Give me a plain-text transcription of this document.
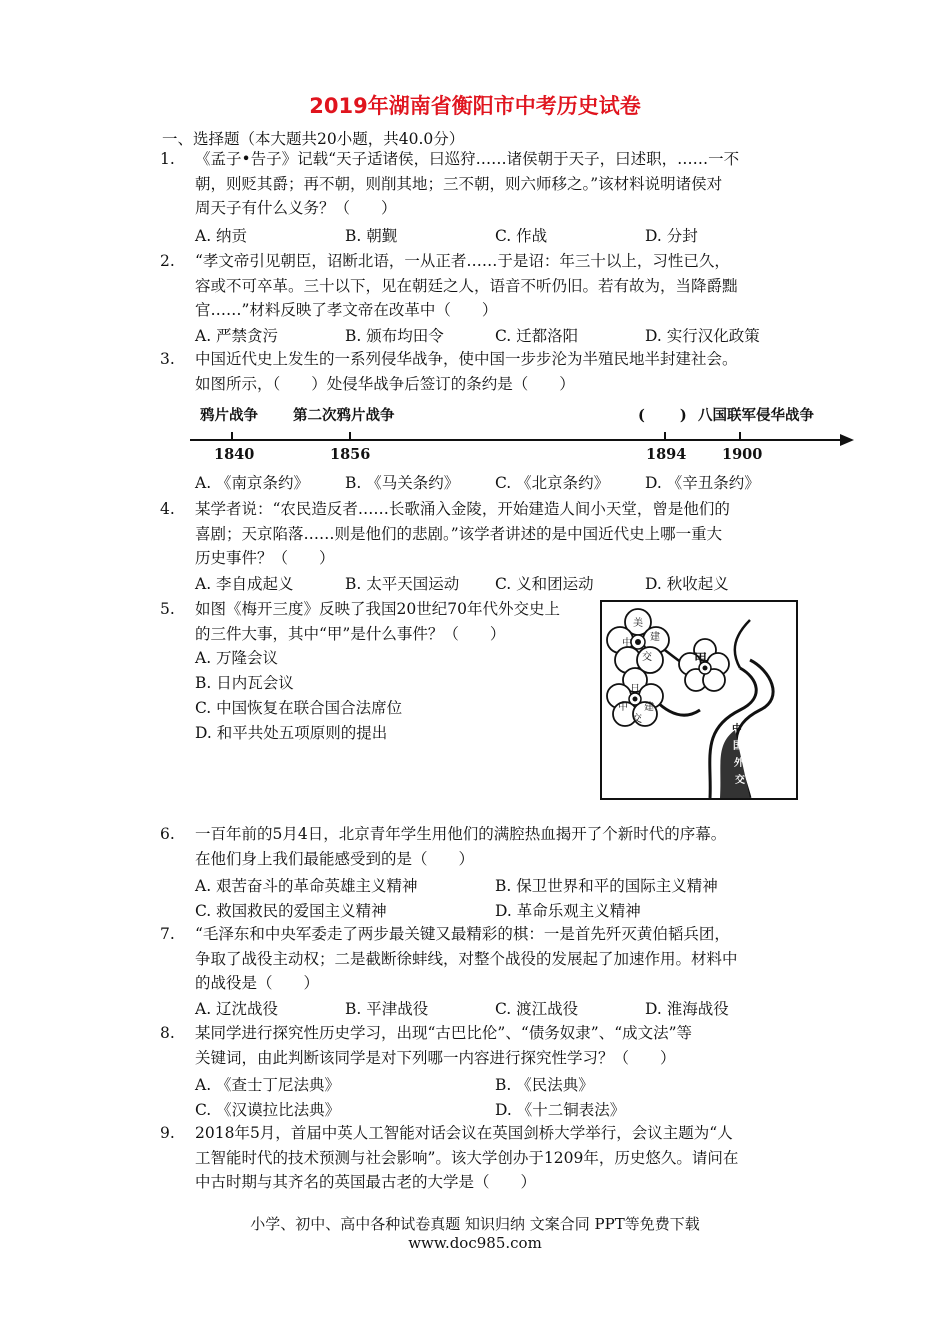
2019年湖南省衡阳市中考历史试卷
一、选择题（本大题共20小题，共40.0分）
1. 《孟子•告子》记载“天子适诸侯，曰巡狩……诸侯朝于天子，曰述职，……一不
朝，则贬其爵；再不朝，则削其地；三不朝，则六师移之。”该材料说明诸侯对
周天子有什么义务？（　　）
A. 纳贡	B. 朝觐	C. 作战	D. 分封
2. “孝文帝引见朝臣，诏断北语，一从正者……于是诏：年三十以上，习性已久，
容或不可卒革。三十以下，见在朝廷之人，语音不听仍旧。若有故为，当降爵黜
官……”材料反映了孝文帝在改革中（　　）
A. 严禁贪污	B. 颁布均田令	C. 迁都洛阳	D. 实行汉化政策
3. 中国近代史上发生的一系列侵华战争，使中国一步步沦为半殖民地半封建社会。
如图所示，（　　）处侵华战争后签订的条约是（　　）
鸦片战争 第二次鸦片战争	(　　) 八国联军侵华战争
1840	1856	1894 1900
A. 《南京条约》 B. 《马关条约》 C. 《北京条约》 D. 《辛丑条约》
4. 某学者说：“农民造反者……长歌涌入金陵，开始建造人间小天堂，曾是他们的
喜剧；天京陷落……则是他们的悲剧。”该学者讲述的是中国近代史上哪一重大
历史事件？（　　）
A. 李自成起义	B. 太平天国运动 C. 义和团运动	D. 秋收起义
5. 如图《梅开三度》反映了我国20世纪70年代外交史上
的三件大事，其中“甲”是什么事件？（　　）
A. 万隆会议
B. 日内瓦会议
C. 中国恢复在联合国合法席位
D. 和平共处五项原则的提出
美
建
中
交	甲
日
建
中
交
中
国
外
交
6. 一百年前的5月4日，北京青年学生用他们的满腔热血揭开了个新时代的序幕。
在他们身上我们最能感受到的是（　　）
A. 艰苦奋斗的革命英雄主义精神	B. 保卫世界和平的国际主义精神
C. 救国救民的爱国主义精神	D. 革命乐观主义精神
7. “毛泽东和中央军委走了两步最关键又最精彩的棋：一是首先歼灭黄伯韬兵团，
争取了战役主动权；二是截断徐蚌线，对整个战役的发展起了加速作用。材料中
的战役是（　　）
A. 辽沈战役	B. 平津战役	C. 渡江战役	D. 淮海战役
8. 某同学进行探究性历史学习，出现“古巴比伦”、“债务奴隶”、“成文法”等
关键词，由此判断该同学是对下列哪一内容进行探究性学习？（　　）
A. 《查士丁尼法典》	B. 《民法典》
C. 《汉谟拉比法典》	D. 《十二铜表法》
9. 2018年5月，首届中英人工智能对话会议在英国剑桥大学举行，会议主题为“人
工智能时代的技术预测与社会影响”。该大学创办于1209年，历史悠久。请问在
中古时期与其齐名的英国最古老的大学是（　　）
小学、初中、高中各种试卷真题 知识归纳 文案合同 PPT等免费下载
www.doc985.com
